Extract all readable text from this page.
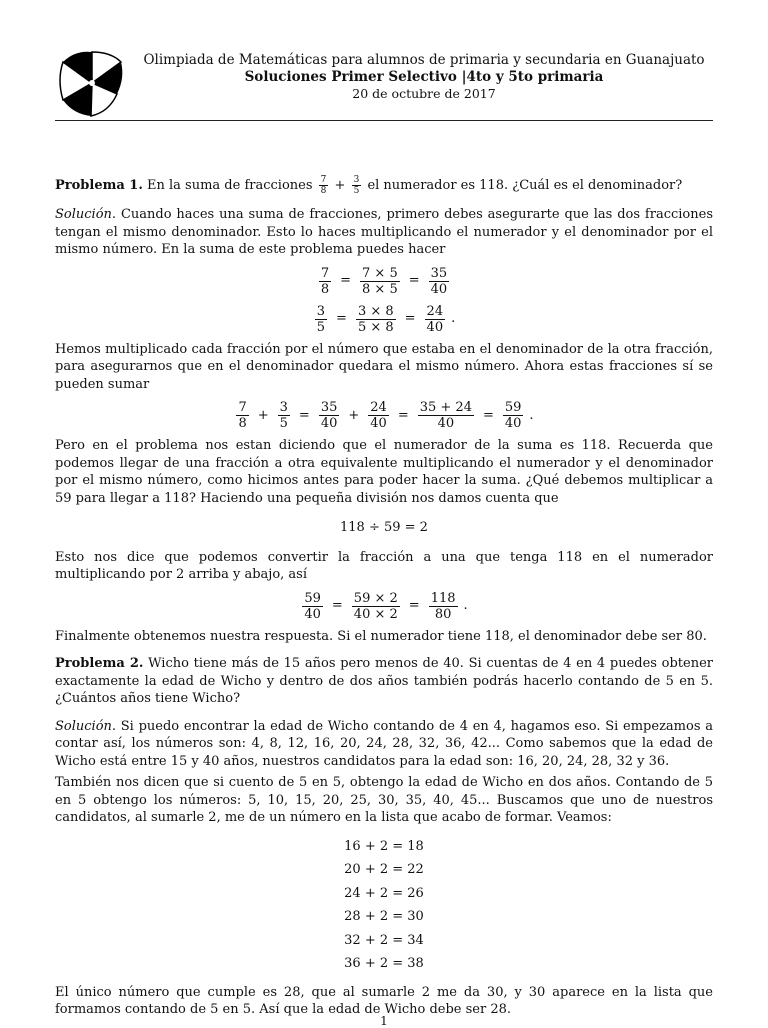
Olimpiada de Matemáticas para alumnos de primaria y secundaria en Guanajuato
Soluciones Primer Selectivo |4to y 5to primaria
20 de octubre de 2017

Problema 1. En la suma de fracciones $\frac{7}{8} + \frac{3}{5}$ el numerador es 118. ¿Cuál es el denominador?

Solución. Cuando haces una suma de fracciones, primero debes asegurarte que las dos fracciones tengan el mismo denominador. Esto lo haces multiplicando el numerador y el denominador por el mismo número. En la suma de este problema puedes hacer

$\frac{7}{8} = \frac{7 \times 5}{8 \times 5} = \frac{35}{40}$
$\frac{3}{5} = \frac{3 \times 8}{5 \times 8} = \frac{24}{40}$ .

Hemos multiplicado cada fracción por el número que estaba en el denominador de la otra fracción, para asegurarnos que en el denominador quedara el mismo número. Ahora estas fracciones sí se pueden sumar

$\frac{7}{8} + \frac{3}{5} = \frac{35}{40} + \frac{24}{40} = \frac{35 + 24}{40} = \frac{59}{40}$ .

Pero en el problema nos estan diciendo que el numerador de la suma es 118. Recuerda que podemos llegar de una fracción a otra equivalente multiplicando el numerador y el denominador por el mismo número, como hicimos antes para poder hacer la suma. ¿Qué debemos multiplicar a 59 para llegar a 118? Haciendo una pequeña división nos damos cuenta que

118 ÷ 59 = 2

Esto nos dice que podemos convertir la fracción a una que tenga 118 en el numerador multiplicando por 2 arriba y abajo, así

$\frac{59}{40} = \frac{59 \times 2}{40 \times 2} = \frac{118}{80}$ .

Finalmente obtenemos nuestra respuesta. Si el numerador tiene 118, el denominador debe ser 80.

Problema 2. Wicho tiene más de 15 años pero menos de 40. Si cuentas de 4 en 4 puedes obtener exactamente la edad de Wicho y dentro de dos años también podrás hacerlo contando de 5 en 5. ¿Cuántos años tiene Wicho?

Solución. Si puedo encontrar la edad de Wicho contando de 4 en 4, hagamos eso. Si empezamos a contar así, los números son: 4, 8, 12, 16, 20, 24, 28, 32, 36, 42... Como sabemos que la edad de Wicho está entre 15 y 40 años, nuestros candidatos para la edad son: 16, 20, 24, 28, 32 y 36.

También nos dicen que si cuento de 5 en 5, obtengo la edad de Wicho en dos años. Contando de 5 en 5 obtengo los números: 5, 10, 15, 20, 25, 30, 35, 40, 45... Buscamos que uno de nuestros candidatos, al sumarle 2, me de un número en la lista que acabo de formar. Veamos:

16 + 2 = 18
20 + 2 = 22
24 + 2 = 26
28 + 2 = 30
32 + 2 = 34
36 + 2 = 38

El único número que cumple es 28, que al sumarle 2 me da 30, y 30 aparece en la lista que formamos contando de 5 en 5. Así que la edad de Wicho debe ser 28.

1
